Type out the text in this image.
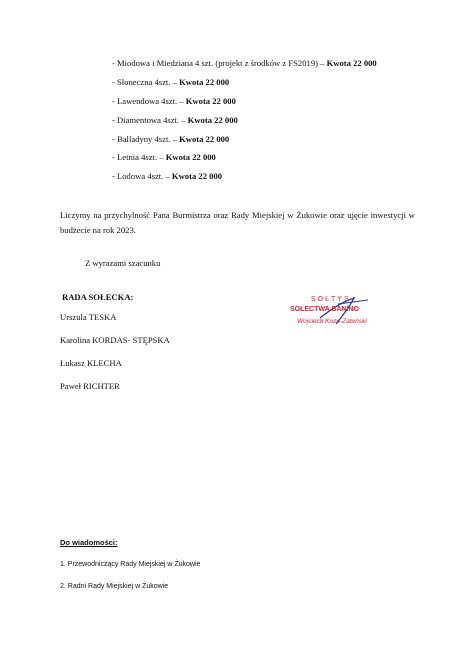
- Miodowa i Miedziana 4 szt. (projekt z środków z FS2019) – Kwota 22 000
- Słoneczna 4szt. – Kwota 22 000
- Lawendowa 4szt. – Kwota 22 000
- Diamentowa 4szt. – Kwota 22 000
- Balladyny 4szt. – Kwota 22 000
- Letnia 4szt. – Kwota 22 000
- Lodowa 4szt. – Kwota 22 000
Liczymy na przychylność Pana Burmistrza oraz Rady Miejskiej w Żukowie oraz ujęcie inwestycji w budżecie na rok 2023.
Z wyrazami szacunku
RADA SOŁECKA:
Urszula TESKA
Karolina KORDAS- STĘPSKA
Łukasz KLECHA
Paweł RICHTER
SOŁTYS
SOŁECTWA BANINO
Wojciech Kozo-Zatoński
Do wiadomości:
1. Przewodniczący Rady Miejskiej w Żukowie
2. Radni Rady Miejskiej w Żukowie
